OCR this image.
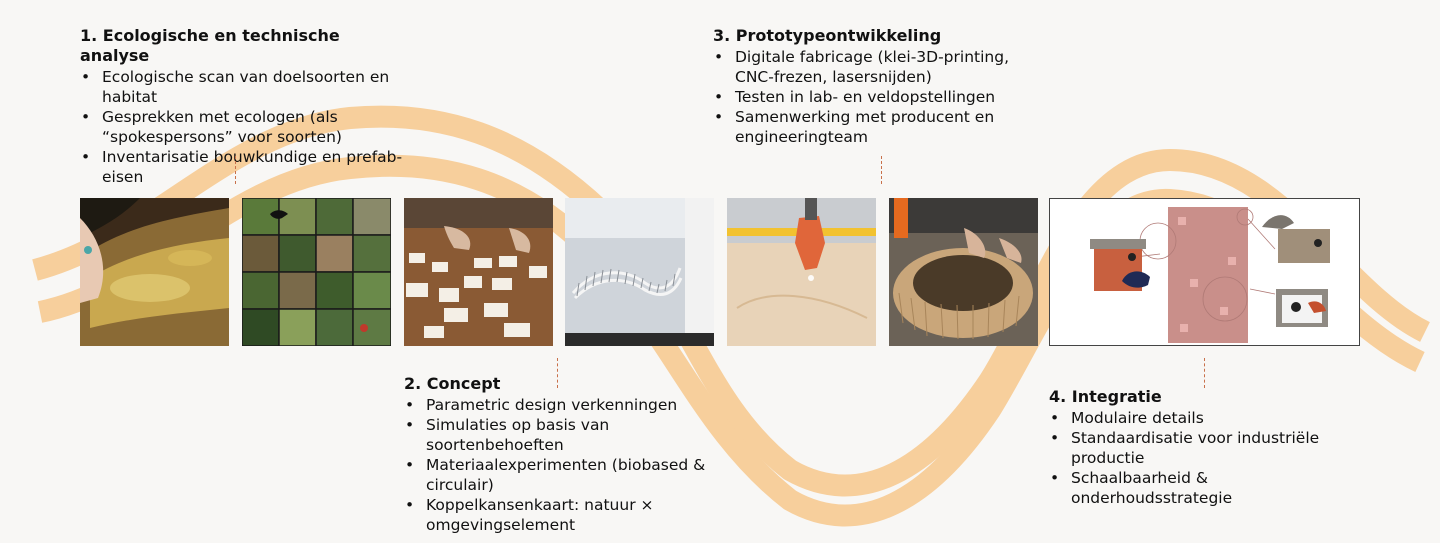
1. Ecologische en technische analyse
• Ecologische scan van doelsoorten en habitat
• Gesprekken met ecologen (als “spokespersons” voor soorten)
• Inventarisatie bouwkundige en prefab-eisen
2. Concept
• Parametric design verkenningen
• Simulaties op basis van soortenbehoeften
• Materiaalexperimenten (biobased & circulair)
• Koppelkansenkaart: natuur × omgevingselement
3. Prototypeontwikkeling
• Digitale fabricage (klei-3D-printing, CNC-frezen, lasersnijden)
• Testen in lab- en veldopstellingen
• Samenwerking met producent en engineeringteam
4. Integratie
• Modulaire details
• Standaardisatie voor industriële productie
• Schaalbaarheid & onderhoudsstrategie
